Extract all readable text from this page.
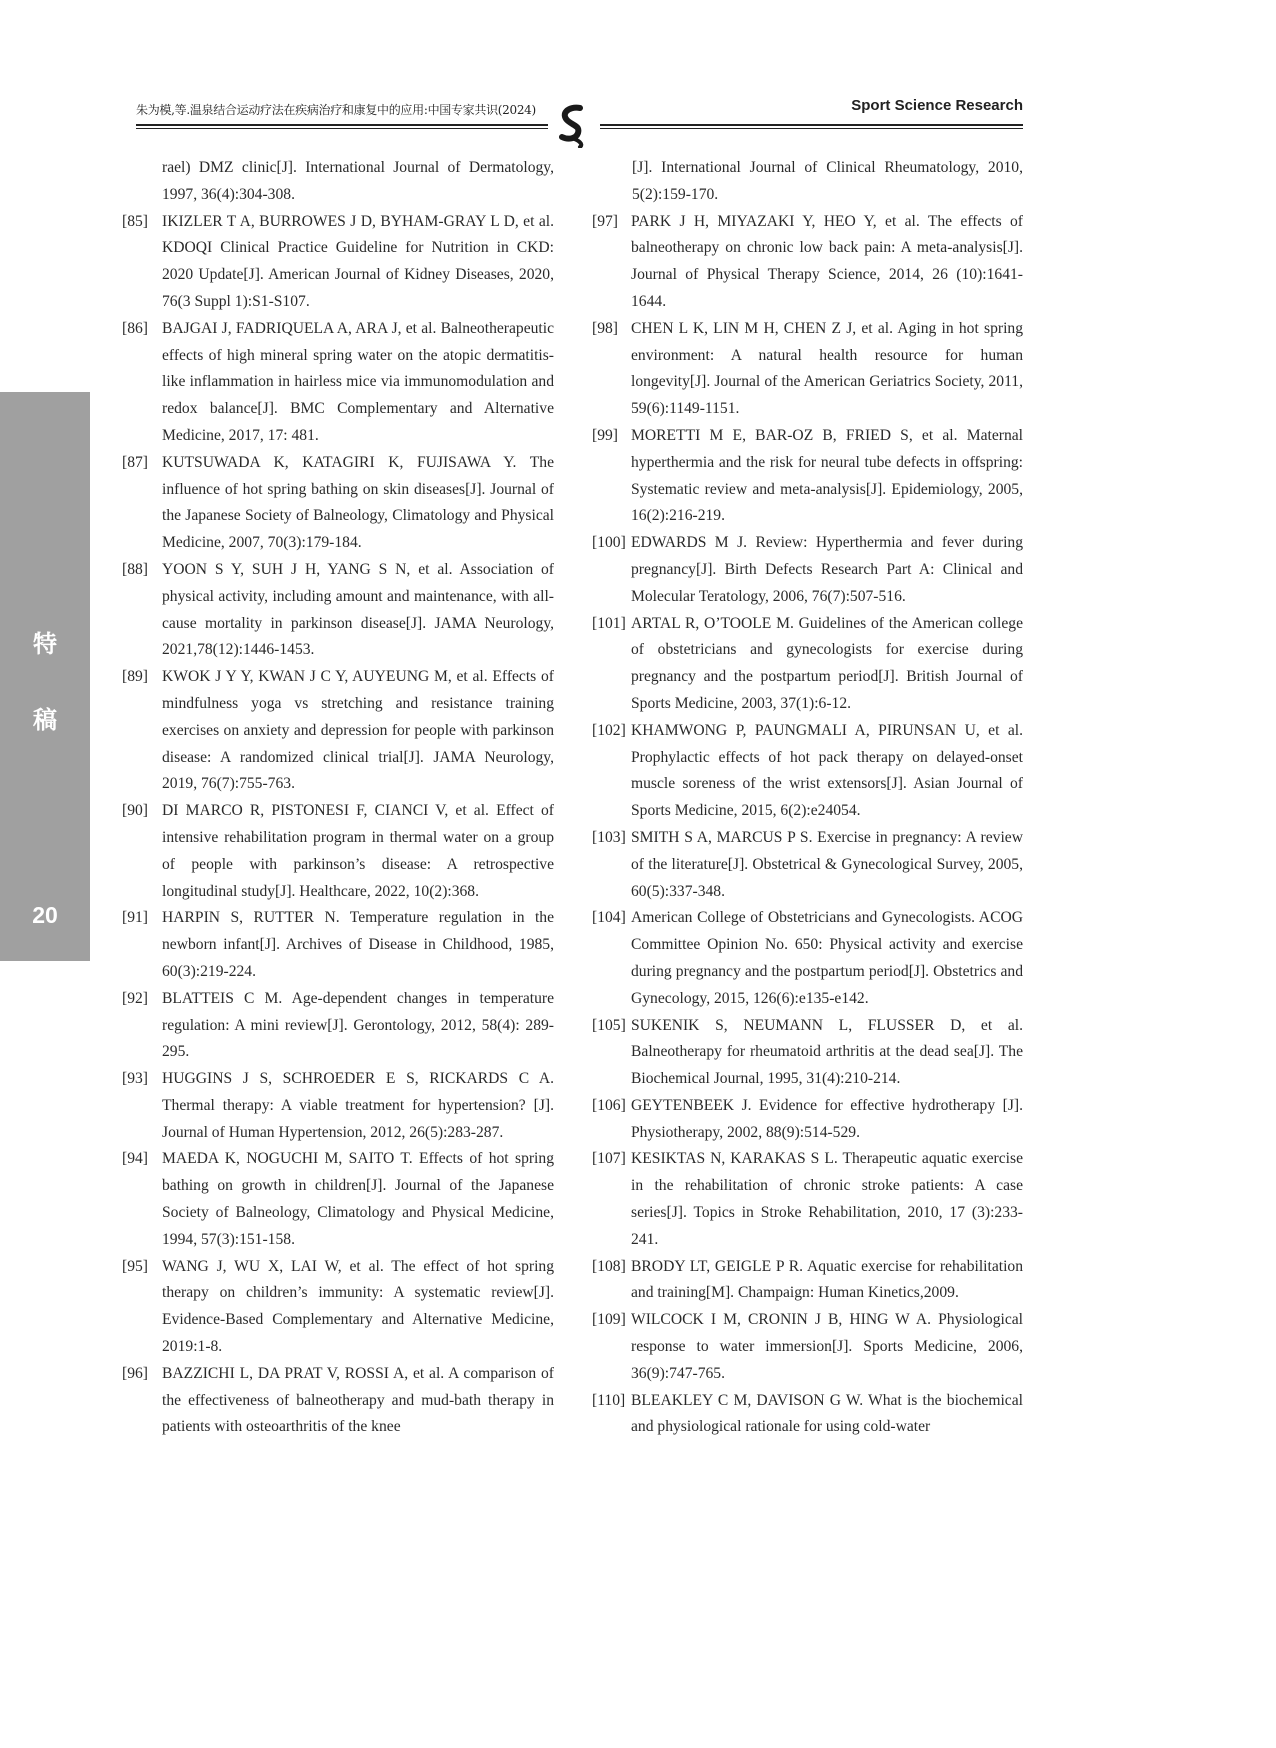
朱为模,等.温泉结合运动疗法在疾病治疗和康复中的应用:中国专家共识(2024)	Sport Science Research
特
稿
20
rael) DMZ clinic[J]. International Journal of Dermatology, 1997, 36(4):304-308.
[85] IKIZLER T A, BURROWES J D, BYHAM-GRAY L D, et al. KDOQI Clinical Practice Guideline for Nutrition in CKD: 2020 Update[J]. American Journal of Kidney Diseases, 2020, 76(3 Suppl 1):S1-S107.
[86] BAJGAI J, FADRIQUELA A, ARA J, et al. Balneotherapeutic effects of high mineral spring water on the atopic dermatitis-like inflammation in hairless mice via immunomodulation and redox balance[J]. BMC Complementary and Alternative Medicine, 2017, 17: 481.
[87] KUTSUWADA K, KATAGIRI K, FUJISAWA Y. The influence of hot spring bathing on skin diseases[J]. Journal of the Japanese Society of Balneology, Climatology and Physical Medicine, 2007, 70(3):179-184.
[88] YOON S Y, SUH J H, YANG S N, et al. Association of physical activity, including amount and maintenance, with all-cause mortality in parkinson disease[J]. JAMA Neurology, 2021,78(12):1446-1453.
[89] KWOK J Y Y, KWAN J C Y, AUYEUNG M, et al. Effects of mindfulness yoga vs stretching and resistance training exercises on anxiety and depression for people with parkinson disease: A randomized clinical trial[J]. JAMA Neurology, 2019, 76(7):755-763.
[90] DI MARCO R, PISTONESI F, CIANCI V, et al. Effect of intensive rehabilitation program in thermal water on a group of people with parkinson’s disease: A retrospective longitudinal study[J]. Healthcare, 2022, 10(2):368.
[91] HARPIN S, RUTTER N. Temperature regulation in the newborn infant[J]. Archives of Disease in Childhood, 1985, 60(3):219-224.
[92] BLATTEIS C M. Age-dependent changes in temperature regulation: A mini review[J]. Gerontology, 2012, 58(4): 289-295.
[93] HUGGINS J S, SCHROEDER E S, RICKARDS C A. Thermal therapy: A viable treatment for hypertension? [J]. Journal of Human Hypertension, 2012, 26(5):283-287.
[94] MAEDA K, NOGUCHI M, SAITO T. Effects of hot spring bathing on growth in children[J]. Journal of the Japanese Society of Balneology, Climatology and Physical Medicine, 1994, 57(3):151-158.
[95] WANG J, WU X, LAI W, et al. The effect of hot spring therapy on children’s immunity: A systematic review[J]. Evidence-Based Complementary and Alternative Medicine, 2019:1-8.
[96] BAZZICHI L, DA PRAT V, ROSSI A, et al. A comparison of the effectiveness of balneotherapy and mud-bath therapy in patients with osteoarthritis of the knee
[J]. International Journal of Clinical Rheumatology, 2010, 5(2):159-170.
[97] PARK J H, MIYAZAKI Y, HEO Y, et al. The effects of balneotherapy on chronic low back pain: A meta-analysis[J]. Journal of Physical Therapy Science, 2014, 26 (10):1641-1644.
[98] CHEN L K, LIN M H, CHEN Z J, et al. Aging in hot spring environment: A natural health resource for human longevity[J]. Journal of the American Geriatrics Society, 2011, 59(6):1149-1151.
[99] MORETTI M E, BAR-OZ B, FRIED S, et al. Maternal hyperthermia and the risk for neural tube defects in offspring: Systematic review and meta-analysis[J]. Epidemiology, 2005, 16(2):216-219.
[100] EDWARDS M J. Review: Hyperthermia and fever during pregnancy[J]. Birth Defects Research Part A: Clinical and Molecular Teratology, 2006, 76(7):507-516.
[101] ARTAL R, O’TOOLE M. Guidelines of the American college of obstetricians and gynecologists for exercise during pregnancy and the postpartum period[J]. British Journal of Sports Medicine, 2003, 37(1):6-12.
[102] KHAMWONG P, PAUNGMALI A, PIRUNSAN U, et al. Prophylactic effects of hot pack therapy on delayed-onset muscle soreness of the wrist extensors[J]. Asian Journal of Sports Medicine, 2015, 6(2):e24054.
[103] SMITH S A, MARCUS P S. Exercise in pregnancy: A review of the literature[J]. Obstetrical & Gynecological Survey, 2005, 60(5):337-348.
[104] American College of Obstetricians and Gynecologists. ACOG Committee Opinion No. 650: Physical activity and exercise during pregnancy and the postpartum period[J]. Obstetrics and Gynecology, 2015, 126(6):e135-e142.
[105] SUKENIK S, NEUMANN L, FLUSSER D, et al. Balneotherapy for rheumatoid arthritis at the dead sea[J]. The Biochemical Journal, 1995, 31(4):210-214.
[106] GEYTENBEEK J. Evidence for effective hydrotherapy [J]. Physiotherapy, 2002, 88(9):514-529.
[107] KESIKTAS N, KARAKAS S L. Therapeutic aquatic exercise in the rehabilitation of chronic stroke patients: A case series[J]. Topics in Stroke Rehabilitation, 2010, 17 (3):233-241.
[108] BRODY LT, GEIGLE P R. Aquatic exercise for rehabilitation and training[M]. Champaign: Human Kinetics,2009.
[109] WILCOCK I M, CRONIN J B, HING W A. Physiological response to water immersion[J]. Sports Medicine, 2006, 36(9):747-765.
[110] BLEAKLEY C M, DAVISON G W. What is the biochemical and physiological rationale for using cold-water
